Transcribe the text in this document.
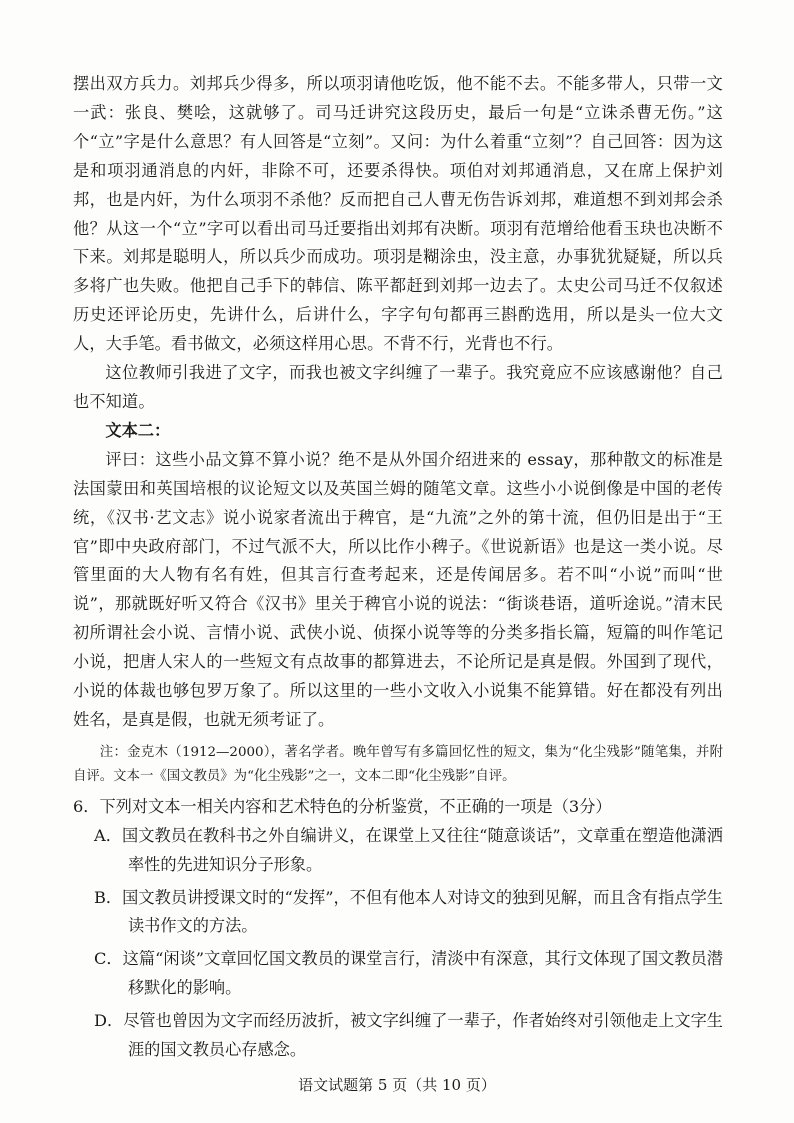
摆出双方兵力。刘邦兵少得多，所以项羽请他吃饭，他不能不去。不能多带人，只带一文一武：张良、樊哙，这就够了。司马迁讲究这段历史，最后一句是“立诛杀曹无伤。”这个“立”字是什么意思？有人回答是“立刻”。又问：为什么着重“立刻”？自己回答：因为这是和项羽通消息的内奸，非除不可，还要杀得快。项伯对刘邦通消息，又在席上保护刘邦，也是内奸，为什么项羽不杀他？反而把自己人曹无伤告诉刘邦，难道想不到刘邦会杀他？从这一个“立”字可以看出司马迁要指出刘邦有决断。项羽有范增给他看玉玦也决断不下来。刘邦是聪明人，所以兵少而成功。项羽是糊涂虫，没主意，办事犹犹疑疑，所以兵多将广也失败。他把自己手下的韩信、陈平都赶到刘邦一边去了。太史公司马迁不仅叙述历史还评论历史，先讲什么，后讲什么，字字句句都再三斟酌选用，所以是头一位大文人，大手笔。看书做文，必须这样用心思。不背不行，光背也不行。

这位教师引我进了文字，而我也被文字纠缠了一辈子。我究竟应不应该感谢他？自己也不知道。

文本二：

评曰：这些小品文算不算小说？绝不是从外国介绍进来的 essay，那种散文的标准是法国蒙田和英国培根的议论短文以及英国兰姆的随笔文章。这些小小说倒像是中国的老传统，《汉书·艺文志》说小说家者流出于稗官，是“九流”之外的第十流，但仍旧是出于“王官”即中央政府部门，不过气派不大，所以比作小稗子。《世说新语》也是这一类小说。尽管里面的大人物有名有姓，但其言行查考起来，还是传闻居多。若不叫“小说”而叫“世说”，那就既好听又符合《汉书》里关于稗官小说的说法：“街谈巷语，道听途说。”清末民初所谓社会小说、言情小说、武侠小说、侦探小说等等的分类多指长篇，短篇的叫作笔记小说，把唐人宋人的一些短文有点故事的都算进去，不论所记是真是假。外国到了现代，小说的体裁也够包罗万象了。所以这里的一些小文收入小说集不能算错。好在都没有列出姓名，是真是假，也就无须考证了。

注：金克木（1912—2000），著名学者。晚年曾写有多篇回忆性的短文，集为“化尘残影”随笔集，并附自评。文本一《国文教员》为“化尘残影”之一，文本二即“化尘残影”自评。

6．下列对文本一相关内容和艺术特色的分析鉴赏，不正确的一项是（3分）

A．国文教员在教科书之外自编讲义，在课堂上又往往“随意谈话”，文章重在塑造他潇洒率性的先进知识分子形象。

B．国文教员讲授课文时的“发挥”，不但有他本人对诗文的独到见解，而且含有指点学生读书作文的方法。

C．这篇“闲谈”文章回忆国文教员的课堂言行，清淡中有深意，其行文体现了国文教员潜移默化的影响。

D．尽管也曾因为文字而经历波折，被文字纠缠了一辈子，作者始终对引领他走上文字生涯的国文教员心存感念。

语文试题第 5 页（共 10 页）
